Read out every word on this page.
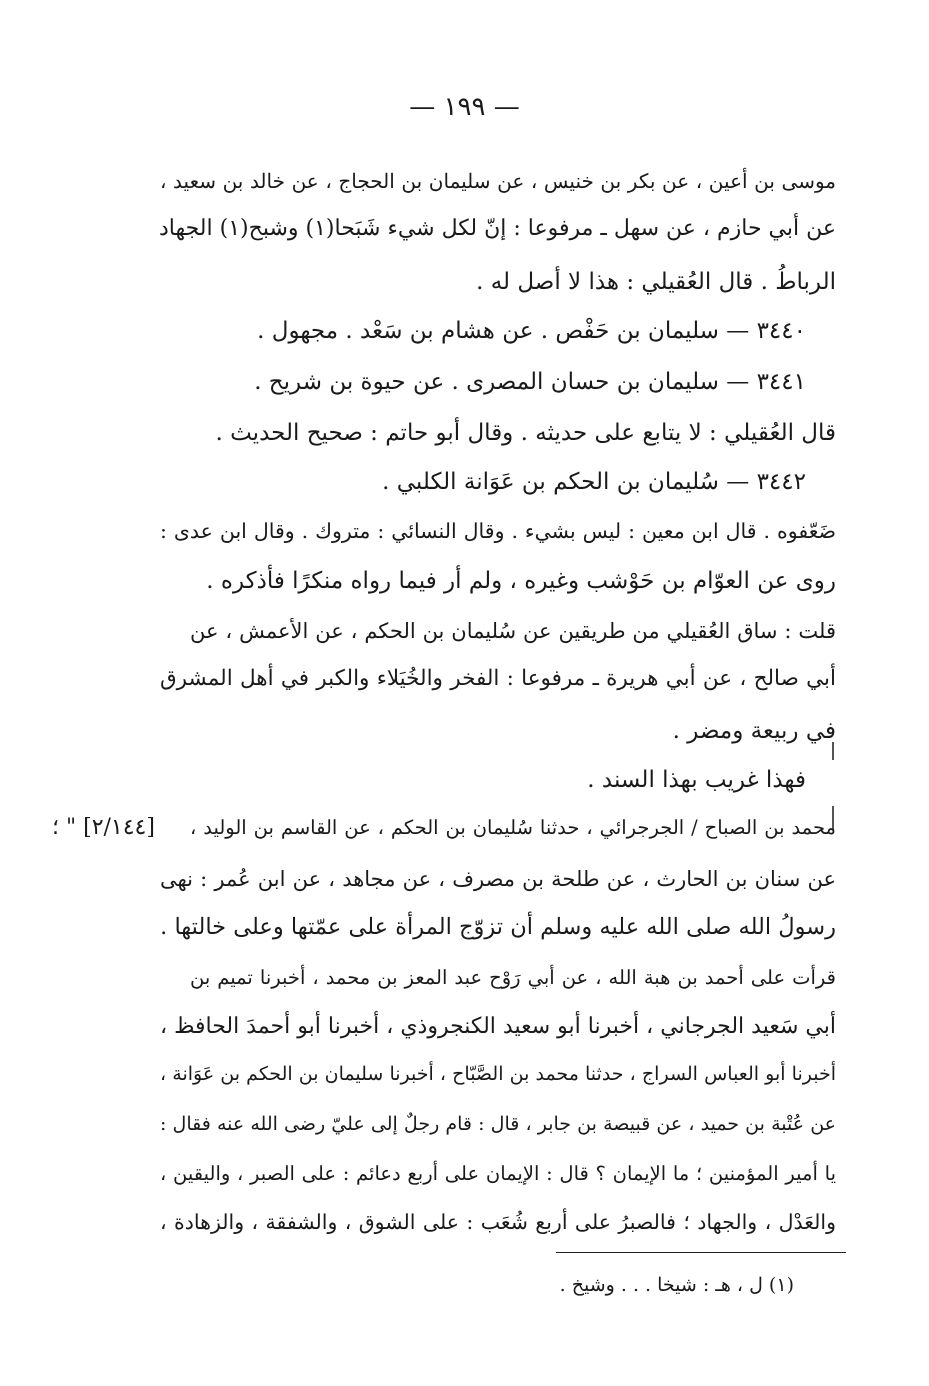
— ١٩٩ —
[٢/١٤٤] " ؛
موسى بن أعين ، عن بكر بن خنيس ، عن سليمان بن الحجاج ، عن خالد بن سعيد ،
عن أبي حازم ، عن سهل ـ مرفوعا : إنّ لكل شيء شَبَحا(١) وشبح(١) الجهاد
الرباطُ . قال العُقيلي : هذا لا أصل له .
٣٤٤٠ — سليمان بن حَفْص . عن هشام بن سَعْد . مجهول .
٣٤٤١ — سليمان بن حسان المصرى . عن حيوة بن شريح .
قال العُقيلي : لا يتابع على حديثه . وقال أبو حاتم : صحيح الحديث .
٣٤٤٢ — سُليمان بن الحكم بن عَوَانة الكلبي .
ضَعّفوه . قال ابن معين : ليس بشيء . وقال النسائي : متروك . وقال ابن عدى :
روى عن العوّام بن حَوْشب وغيره ، ولم أر فيما رواه منكرًا فأذكره .
قلت : ساق العُقيلي من طريقين عن سُليمان بن الحكم ، عن الأعمش ، عن
أبي صالح ، عن أبي هريرة ـ مرفوعا : الفخر والخُيَلاء والكبر في أهل المشرق
في ربيعة ومضر .
فهذا غريب بهذا السند .
محمد بن الصباح / الجرجرائي ، حدثنا سُليمان بن الحكم ، عن القاسم بن الوليد ،
عن سنان بن الحارث ، عن طلحة بن مصرف ، عن مجاهد ، عن ابن عُمر : نهى
رسولُ الله صلى الله عليه وسلم أن تزوّج المرأة على عمّتها وعلى خالتها .
قرأت على أحمد بن هبة الله ، عن أبي رَوْح عبد المعز بن محمد ، أخبرنا تميم بن
أبي سَعيد الجرجاني ، أخبرنا أبو سعيد الكنجروذي ، أخبرنا أبو أحمدَ الحافظ ،
أخبرنا أبو العباس السراج ، حدثنا محمد بن الصَّبّاح ، أخبرنا سليمان بن الحكم بن عَوَانة ،
عن عُتْبة بن حميد ، عن قبيصة بن جابر ، قال : قام رجلٌ إلى عليّ رضى الله عنه فقال :
يا أمير المؤمنين ؛ ما الإيمان ؟ قال : الإيمان على أربع دعائم : على الصبر ، واليقين ،
والعَدْل ، والجهاد ؛ فالصبرُ على أربع شُعَب : على الشوق ، والشفقة ، والزهادة ،
(١) ل ، هـ : شيخا . . . وشيخ .
